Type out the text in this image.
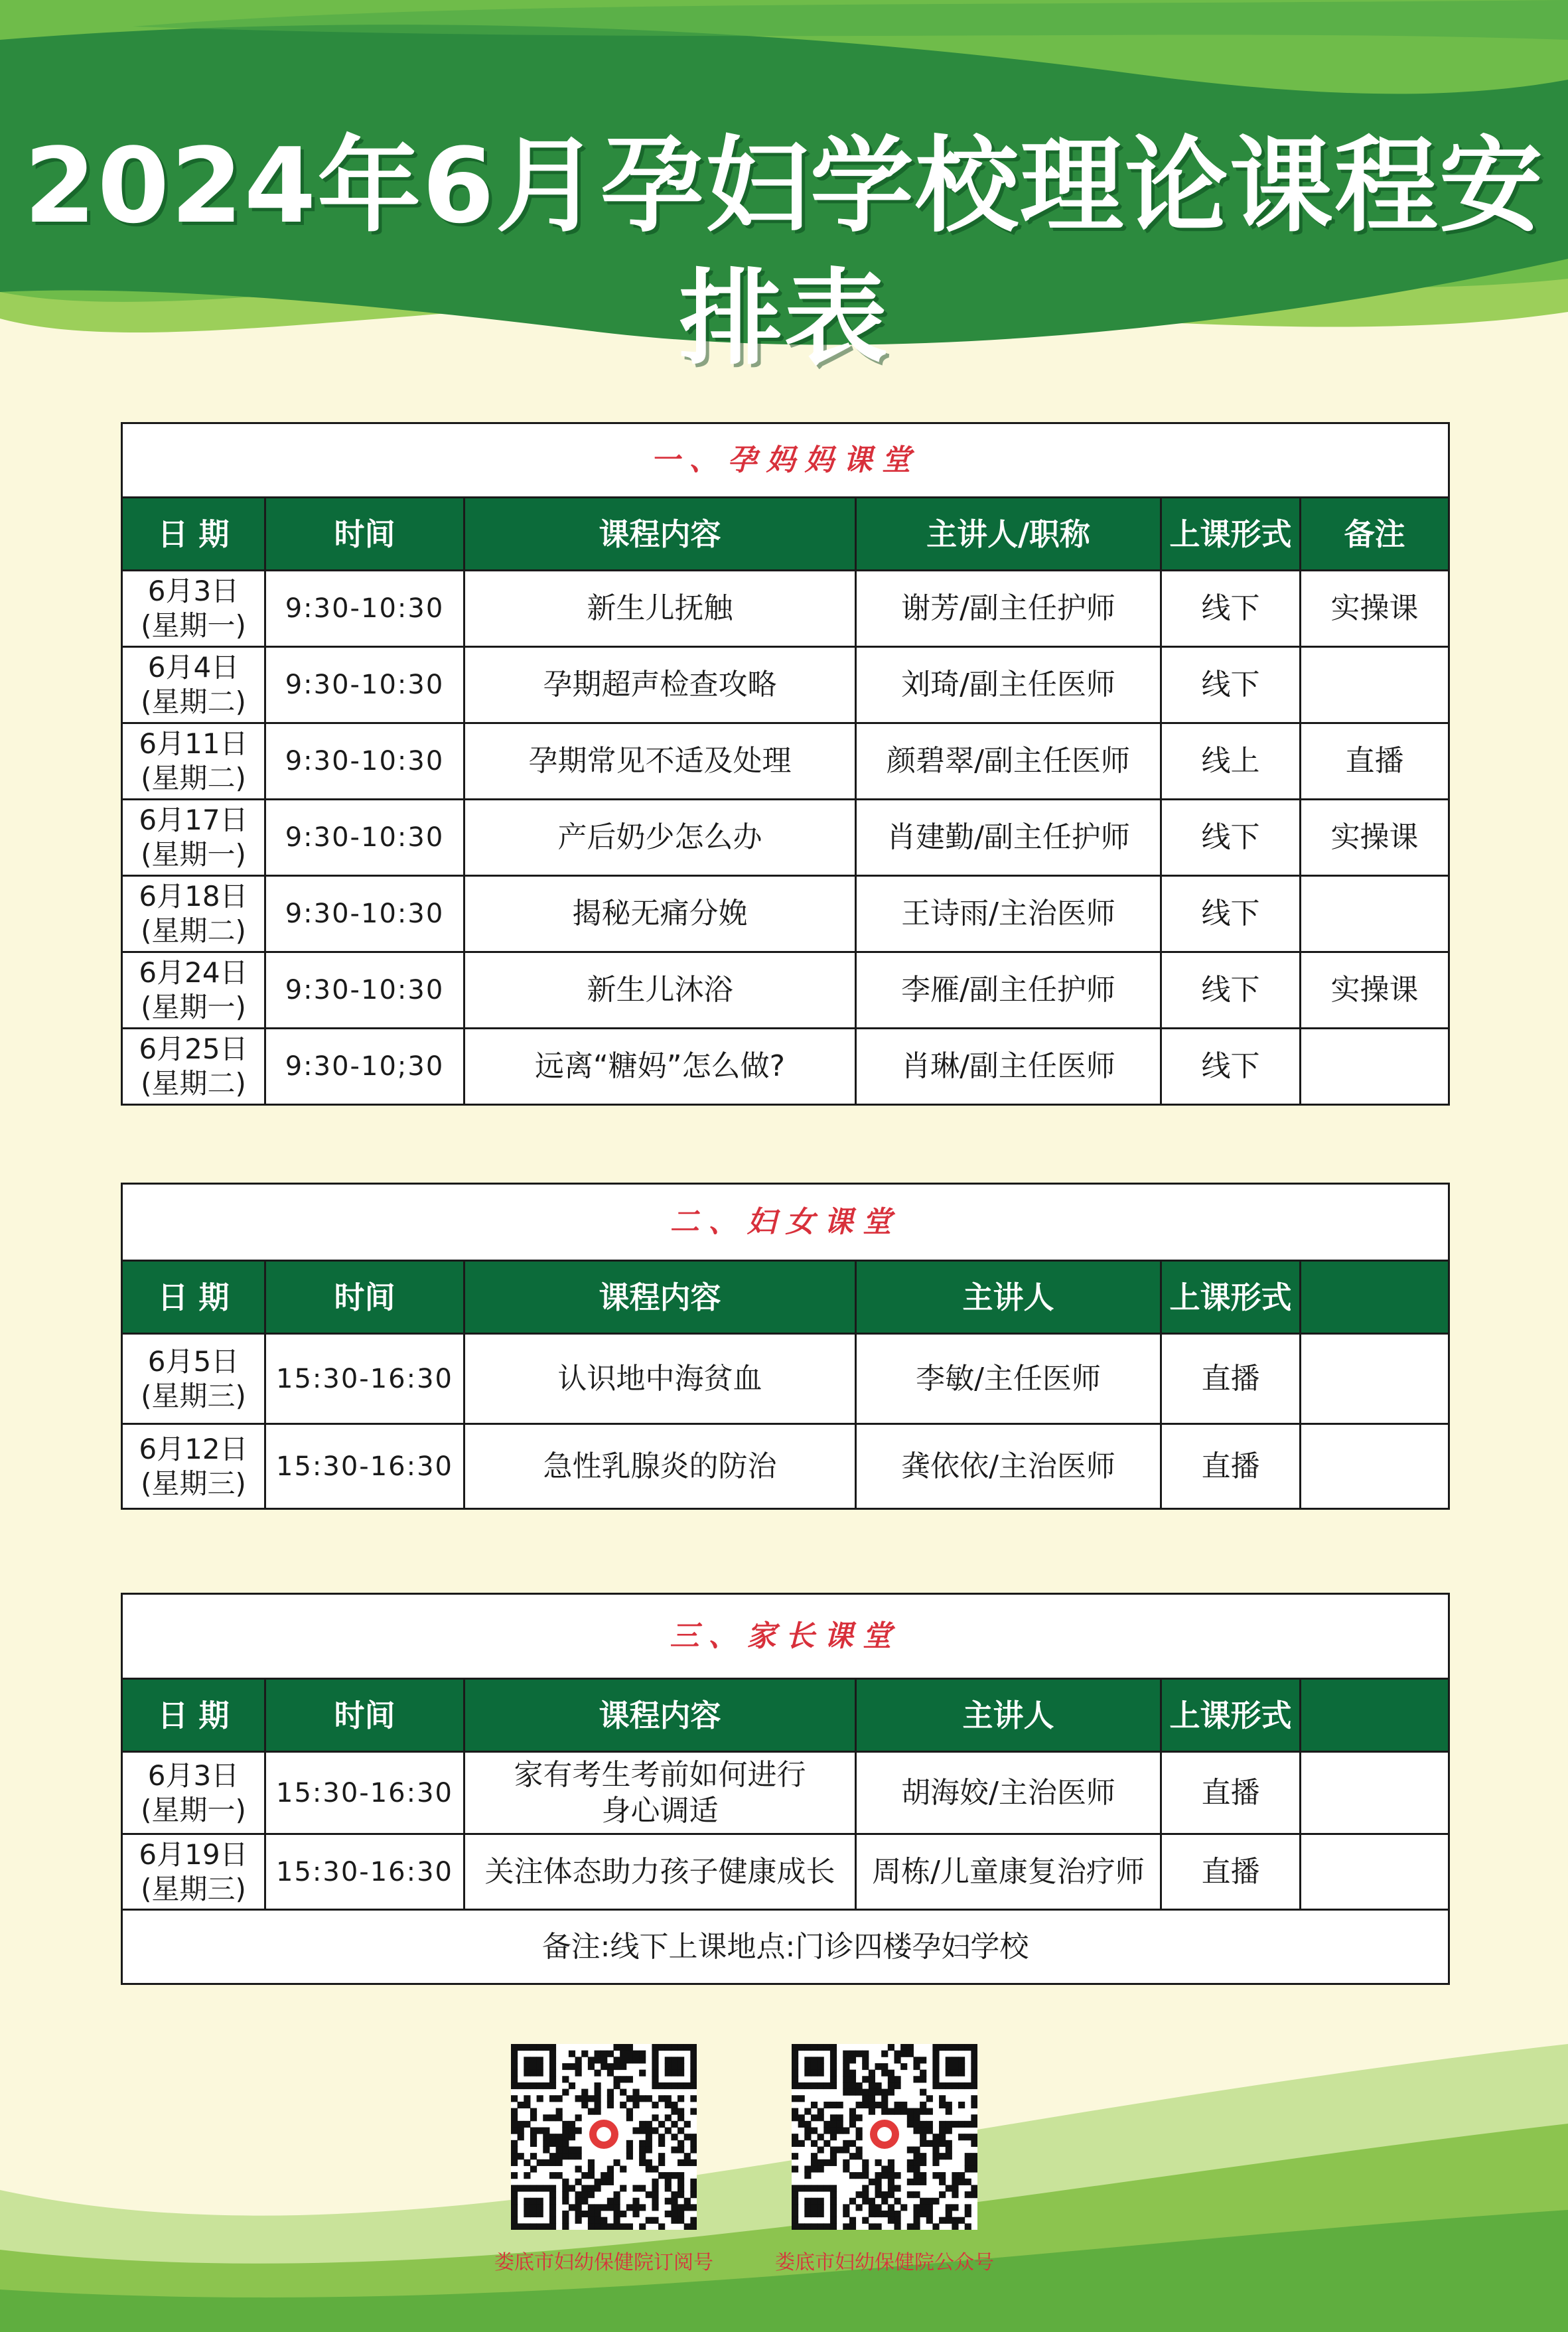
2024年6月孕妇学校理论课程安排表
一、孕妈妈课堂					
日 期	时间	课程内容	主讲人/职称	上课形式	备注

6月3日
(星期一)	9:30-10:30	新生儿抚触	谢芳/副主任护师	线下	实操课

6月4日
(星期二)	9:30-10:30	孕期超声检查攻略	刘琦/副主任医师	线下	

6月11日
(星期二)	9:30-10:30	孕期常见不适及处理	颜碧翠/副主任医师	线上	直播

6月17日
(星期一)	9:30-10:30	产后奶少怎么办	肖建勤/副主任护师	线下	实操课

6月18日
(星期二)	9:30-10:30	揭秘无痛分娩	王诗雨/主治医师	线下	

6月24日
(星期一)	9:30-10:30	新生儿沐浴	李雁/副主任护师	线下	实操课

6月25日
(星期二)	9:30-10;30	远离“糖妈”怎么做?	肖琳/副主任医师	线下	
二、妇女课堂					
日 期	时间	课程内容	主讲人	上课形式	

6月5日
(星期三)	15:30-16:30	认识地中海贫血	李敏/主任医师	直播	

6月12日
(星期三)	15:30-16:30	急性乳腺炎的防治	龚依依/主治医师	直播	
三、家长课堂					
日 期	时间	课程内容	主讲人	上课形式	

6月3日
(星期一)	15:30-16:30	家有考生考前如何进行身心调适	胡海姣/主治医师	直播	

6月19日
(星期三)	15:30-16:30	关注体态助力孩子健康成长	周栋/儿童康复治疗师	直播	
备注:线下上课地点:门诊四楼孕妇学校					
娄底市妇幼保健院订阅号	娄底市妇幼保健院公众号
